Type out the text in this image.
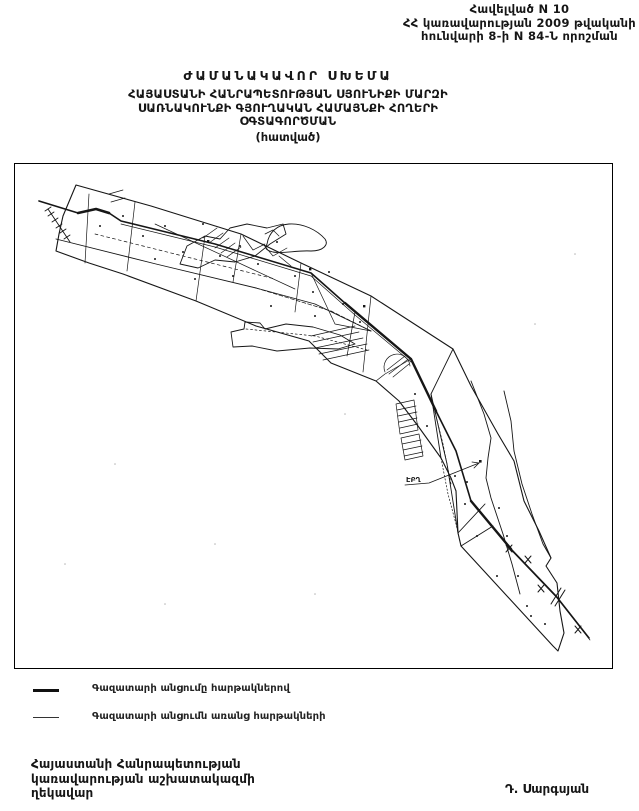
Հավելված N 10
ՀՀ կառավարության 2009 թվականի
հունվարի 8-ի N 84-Ն որոշման
ԺԱՄԱՆԱԿԱՎՈՐ ՍԽԵՄԱ
ՀԱՅԱՍՏԱՆԻ ՀԱՆՐԱՊԵՏՈՒԹՅԱՆ ՍՅՈՒՆԻՔԻ ՄԱՐԶԻ
ՍԱՌՆԱԿՈՒՆՔԻ ԳՅՈՒՂԱԿԱՆ ՀԱՄԱՅՆՔԻ ՀՈՂԵՐԻ
ՕԳՏԱԳՈՐԾՄԱՆ
(հատված)
ԷԲՂ
Գազատարի անցումը հարթակներով
Գազատարի անցումն առանց հարթակների
Հայաստանի Հանրապետության
կառավարության աշխատակազմի
ղեկավար	Դ. Սարգսյան
